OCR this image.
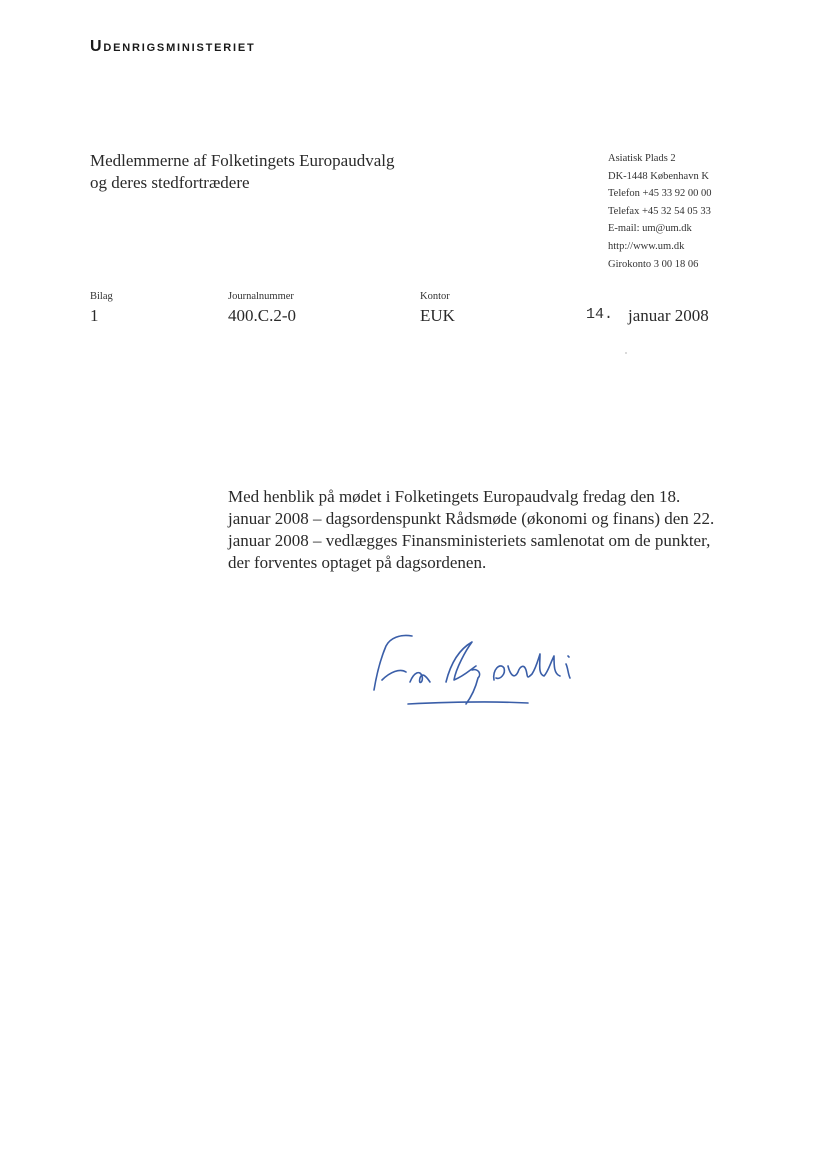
Udenrigsministeriet
Medlemmerne af Folketingets Europaudvalg
og deres stedfortrædere
Asiatisk Plads 2
DK-1448 København K
Telefon +45 33 92 00 00
Telefax +45 32 54 05 33
E-mail: um@um.dk
http://www.um.dk
Girokonto 3 00 18 06
Bilag	Journalnummer	Kontor
1	400.C.2-0	EUK	14. januar 2008
Med henblik på mødet i Folketingets Europaudvalg fredag den 18.
januar 2008 – dagsordenspunkt Rådsmøde (økonomi og finans) den 22.
januar 2008 – vedlægges Finansministeriets samlenotat om de punkter,
der forventes optaget på dagsordenen.
